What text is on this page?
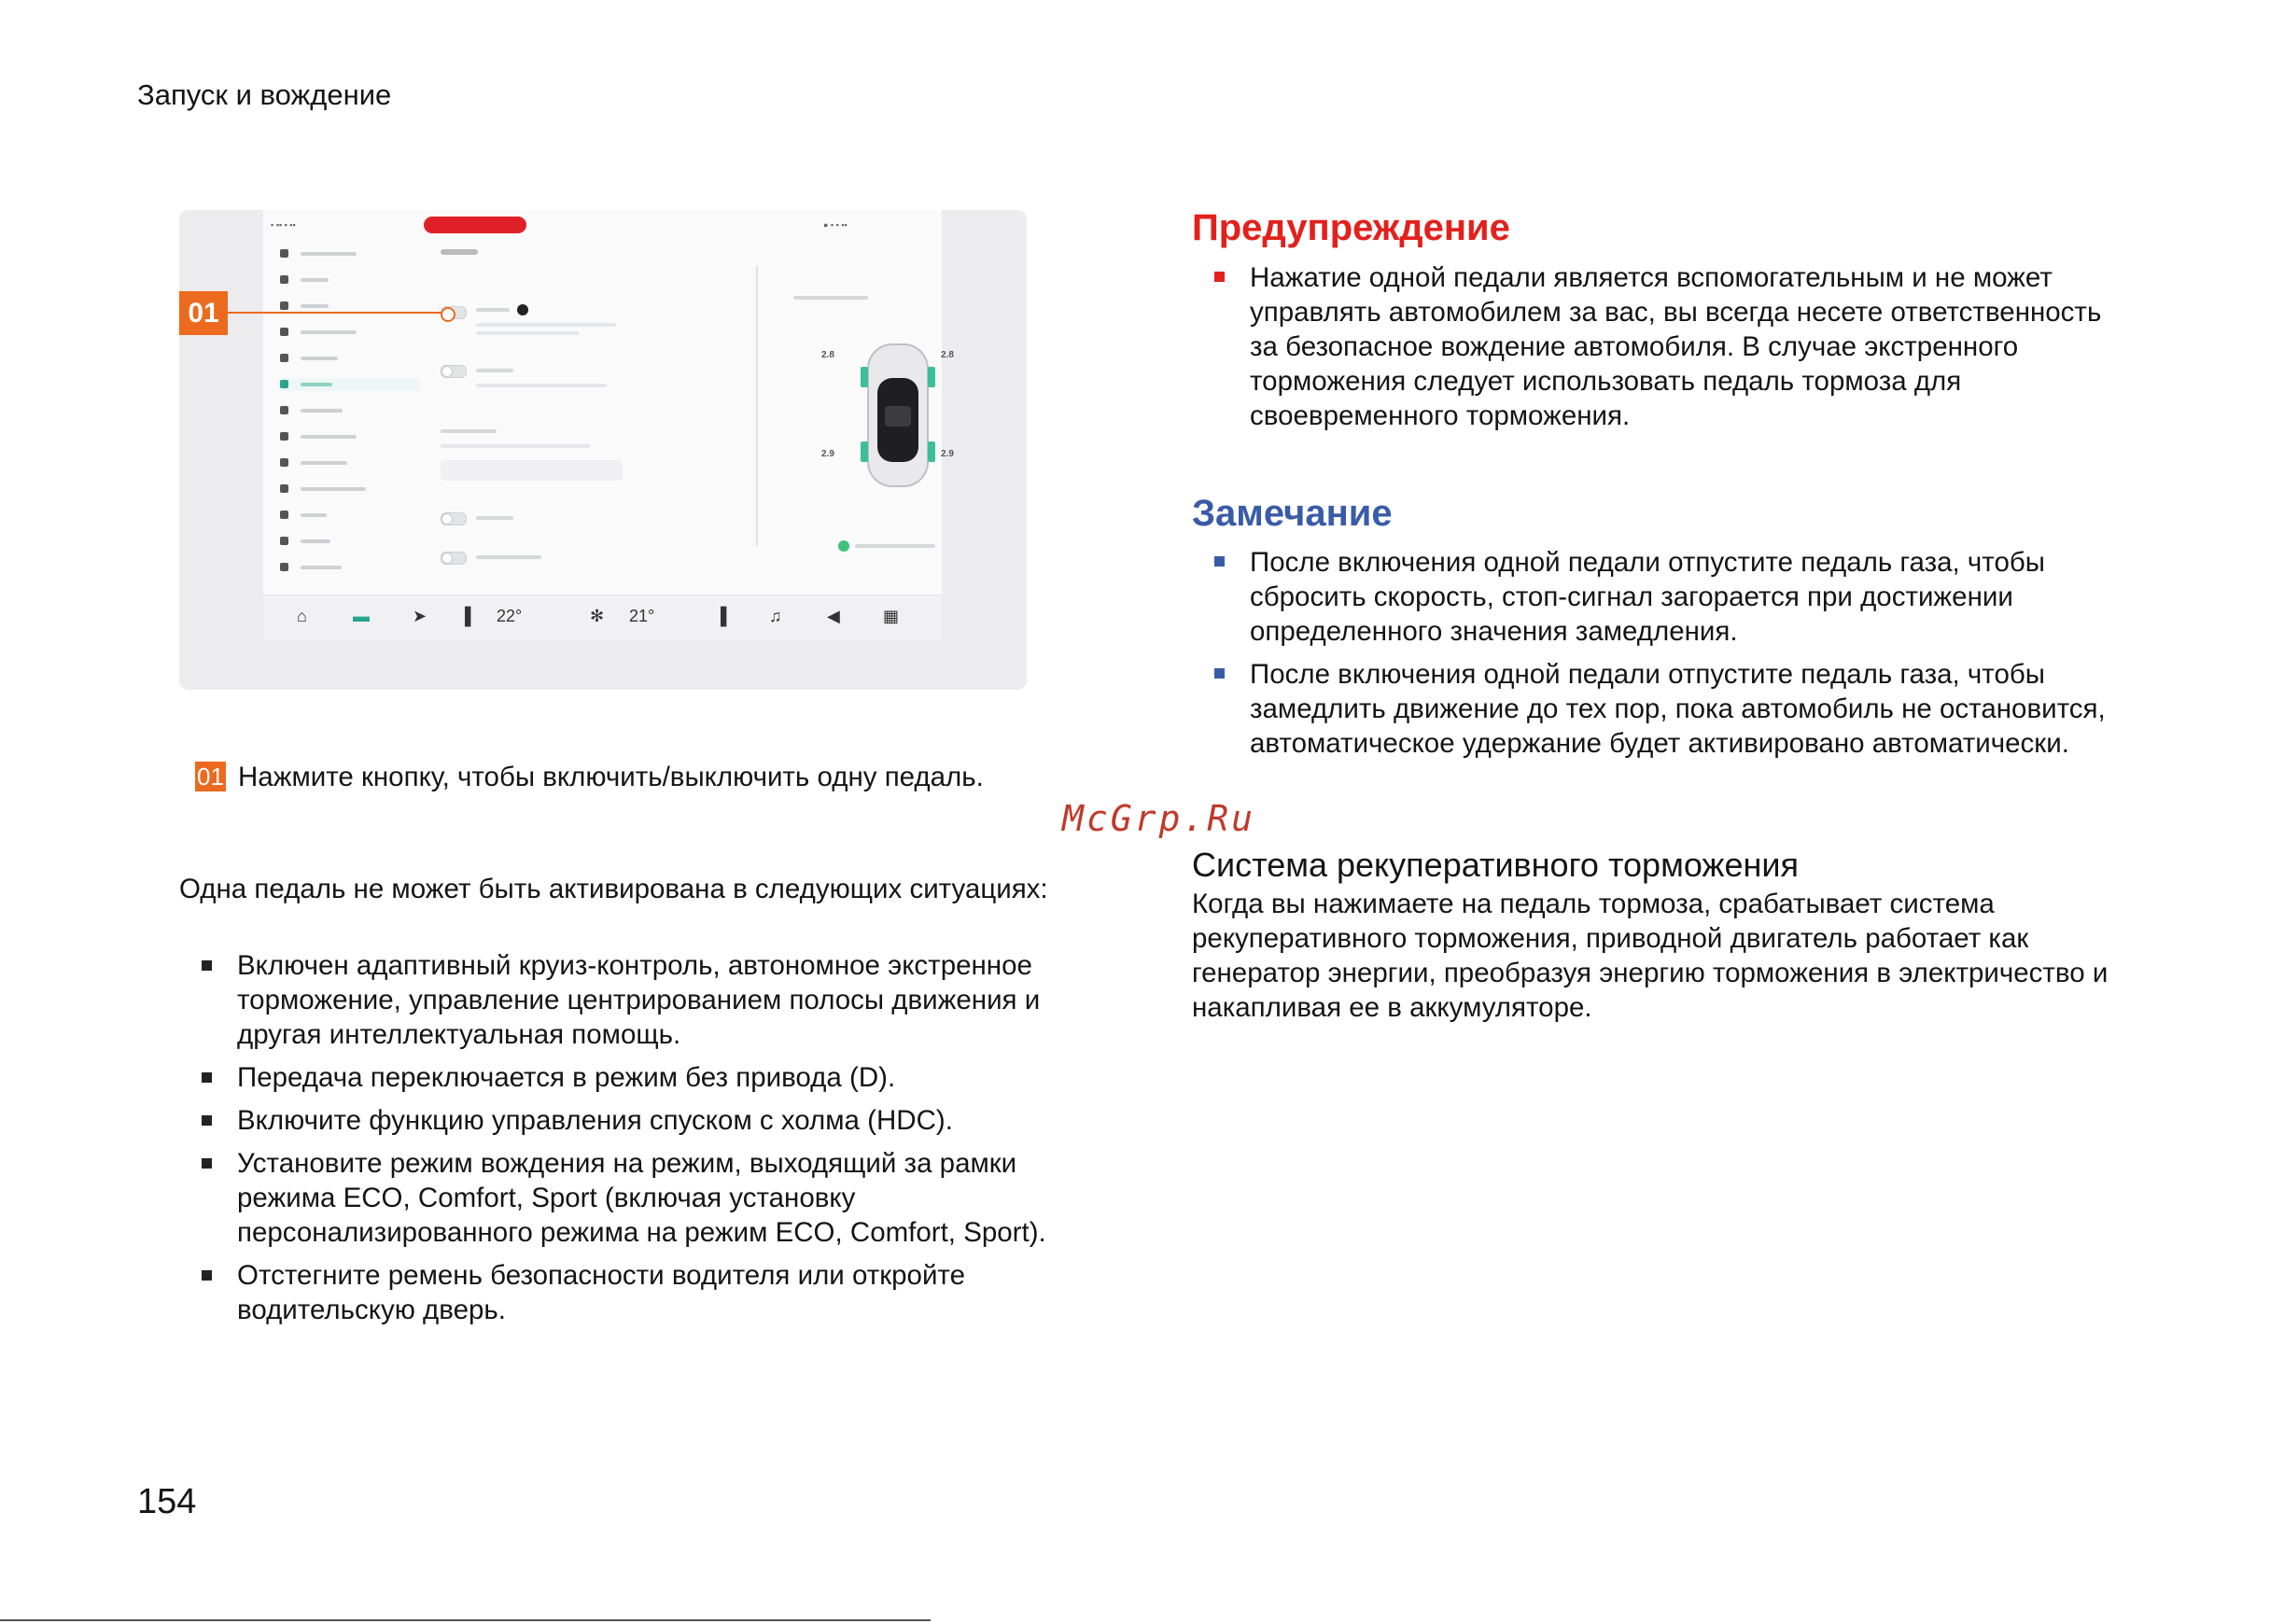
Запуск и вождение
▪ ▪▪ ▪ ▪▪	● ▪ ▪ ▪▪
2.8	2.8
2.9	2.9
⌂	▬	➤ ▌ 22°	✻ 21°	▌ ♫	◀	▦
01
01 Нажмите кнопку, чтобы включить/выключить одну педаль.
Одна педаль не может быть активирована в следующих ситуациях:
Включен адаптивный круиз-контроль, автономное экстренное торможение, управление центрированием полосы движения и другая интеллектуальная помощь.
Передача переключается в режим без привода (D).
Включите функцию управления спуском с холма (HDC).
Установите режим вождения на режим, выходящий за рамки режима ECO, Comfort, Sport (включая установку персонализированного режима на режим ECO, Comfort, Sport).
Отстегните ремень безопасности водителя или откройте водительскую дверь.
Предупреждение
Нажатие одной педали является вспомогательным и не может управлять автомобилем за вас, вы всегда несете ответственность за безопасное вождение автомобиля. В случае экстренного торможения следует использовать педаль тормоза для своевременного торможения.
Замечание
После включения одной педали отпустите педаль газа, чтобы сбросить скорость, стоп-сигнал загорается при достижении определенного значения замедления.
После включения одной педали отпустите педаль газа, чтобы замедлить движение до тех пор, пока автомобиль не остановится, автоматическое удержание будет активировано автоматически.
McGrp.Ru
Система рекуперативного торможения
Когда вы нажимаете на педаль тормоза, срабатывает система рекуперативного торможения, приводной двигатель работает как генератор энергии, преобразуя энергию торможения в электричество и накапливая ее в аккумуляторе.
154
